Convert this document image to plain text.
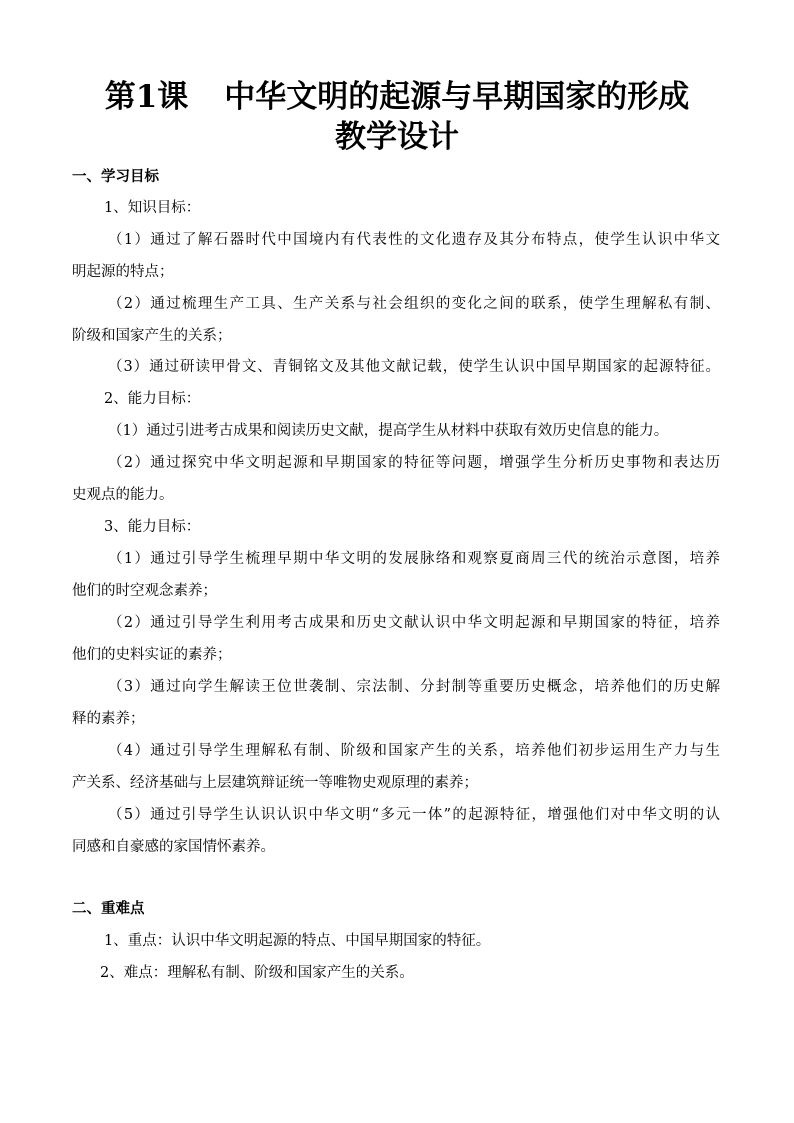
第1课 中华文明的起源与早期国家的形成
教学设计
一、学习目标
1、知识目标：
（1）通过了解石器时代中国境内有代表性的文化遗存及其分布特点，使学生认识中华文
明起源的特点；
（2）通过梳理生产工具、生产关系与社会组织的变化之间的联系，使学生理解私有制、
阶级和国家产生的关系；
（3）通过研读甲骨文、青铜铭文及其他文献记载，使学生认识中国早期国家的起源特征。
2、能力目标：
（1）通过引进考古成果和阅读历史文献，提高学生从材料中获取有效历史信息的能力。
（2）通过探究中华文明起源和早期国家的特征等问题，增强学生分析历史事物和表达历
史观点的能力。
3、能力目标：
（1）通过引导学生梳理早期中华文明的发展脉络和观察夏商周三代的统治示意图，培养
他们的时空观念素养；
（2）通过引导学生利用考古成果和历史文献认识中华文明起源和早期国家的特征，培养
他们的史料实证的素养；
（3）通过向学生解读王位世袭制、宗法制、分封制等重要历史概念，培养他们的历史解
释的素养；
（4）通过引导学生理解私有制、阶级和国家产生的关系，培养他们初步运用生产力与生
产关系、经济基础与上层建筑辩证统一等唯物史观原理的素养；
（5）通过引导学生认识认识中华文明“多元一体”的起源特征，增强他们对中华文明的认
同感和自豪感的家国情怀素养。
二、重难点
1、重点：认识中华文明起源的特点、中国早期国家的特征。
2、难点：理解私有制、阶级和国家产生的关系。
